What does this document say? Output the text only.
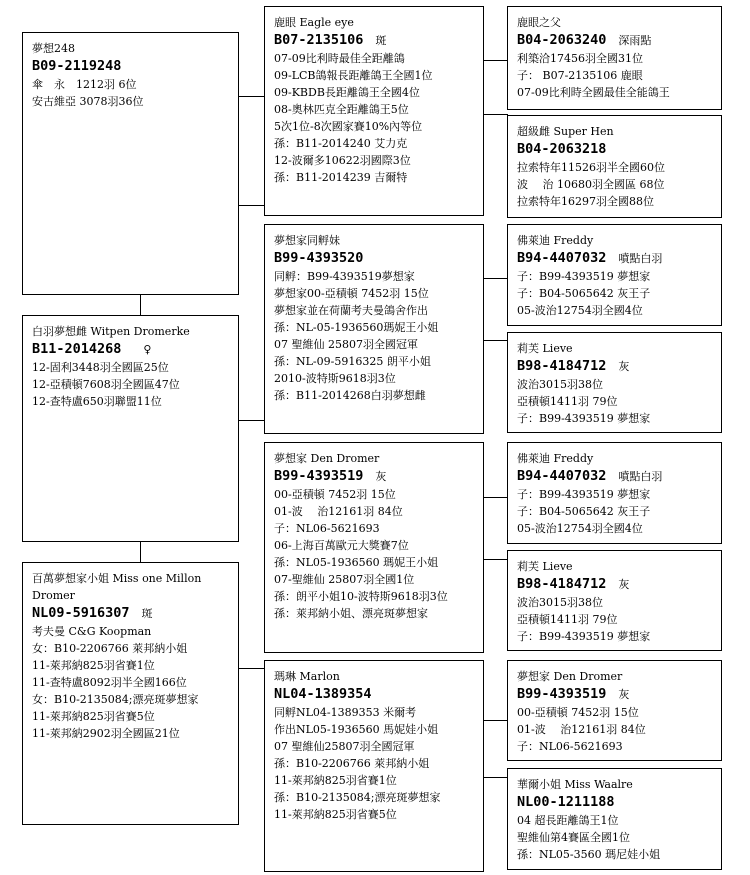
夢想248
B09-2119248
傘　永　1212羽 6位
安古維亞 3078羽36位
鹿眼 Eagle eye
B07-2135106 斑
07-09比利時最佳全距離鴿
09-LCB鴿報長距離鴿王全國1位
09-KBDB長距離鴿王全國4位
08-奧林匹克全距離鴿王5位
5次1位-8次國家賽10%內等位
孫：B11-2014240 艾力克
12-波爾多10622羽國際3位
孫：B11-2014239 吉爾特
鹿眼之父
B04-2063240 深雨點
利築洽17456羽全國31位
子： B07-2135106 鹿眼
07-09比利時全國最佳全能鴿王
超級雌 Super Hen
B04-2063218
拉索特年11526羽半全國60位
波　 治 10680羽全國區 68位
拉索特年16297羽全國88位
夢想家同孵妹
B99-4393520
同孵：B99-4393519夢想家
夢想家00-亞積頓 7452羽 15位
夢想家並在荷蘭考夫曼鴿舍作出
孫：NL-05-1936560瑪妮王小姐
07 聖維仙 25807羽全國冠軍
孫：NL-09-5916325 朗平小姐
2010-波特斯9618羽3位
孫：B11-2014268白羽夢想雌
佛萊迪 Freddy
B94-4407032 噴點白羽
子：B99-4393519 夢想家
子：B04-5065642 灰王子
05-波治12754羽全國4位
莉芙 Lieve
B98-4184712 灰
波治3015羽38位
亞積頓1411羽 79位
子：B99-4393519 夢想家
白羽夢想雌 Witpen Dromerke
B11-2014268 ♀
12-固利3448羽全國區25位
12-亞積頓7608羽全國區47位
12-查特盧650羽聯盟11位
夢想家 Den Dromer
B99-4393519 灰
00-亞積頓 7452羽 15位
01-波　 治12161羽 84位
子：NL06-5621693
06-上海百萬歐元大獎賽7位
孫：NL05-1936560 瑪妮王小姐
07-聖維仙 25807羽全國1位
孫：朗平小姐10-波特斯9618羽3位
孫：萊邦納小姐、漂亮斑夢想家
佛萊迪 Freddy
B94-4407032 噴點白羽
子：B99-4393519 夢想家
子：B04-5065642 灰王子
05-波治12754羽全國4位
莉芙 Lieve
B98-4184712 灰
波治3015羽38位
亞積頓1411羽 79位
子：B99-4393519 夢想家
百萬夢想家小姐 Miss one Millon Dromer
NL09-5916307 斑
考夫曼 C&G Koopman
女：B10-2206766 萊邦納小姐
11-萊邦納825羽省賽1位
11-查特盧8092羽半全國166位
女：B10-2135084;漂亮斑夢想家
11-萊邦納825羽省賽5位
11-萊邦納2902羽全國區21位
瑪琳 Marlon
NL04-1389354
同孵NL04-1389353 米爾考
作出NL05-1936560 馬妮娃小姐
07 聖維仙25807羽全國冠軍
孫：B10-2206766 萊邦納小姐
11-萊邦納825羽省賽1位
孫：B10-2135084;漂亮斑夢想家
11-萊邦納825羽省賽5位
夢想家 Den Dromer
B99-4393519 灰
00-亞積頓 7452羽 15位
01-波　 治12161羽 84位
子：NL06-5621693
華爾小姐 Miss Waalre
NL00-1211188
04 超長距離鴿王1位
聖維仙第4賽區全國1位
孫：NL05-3560 瑪尼娃小姐
